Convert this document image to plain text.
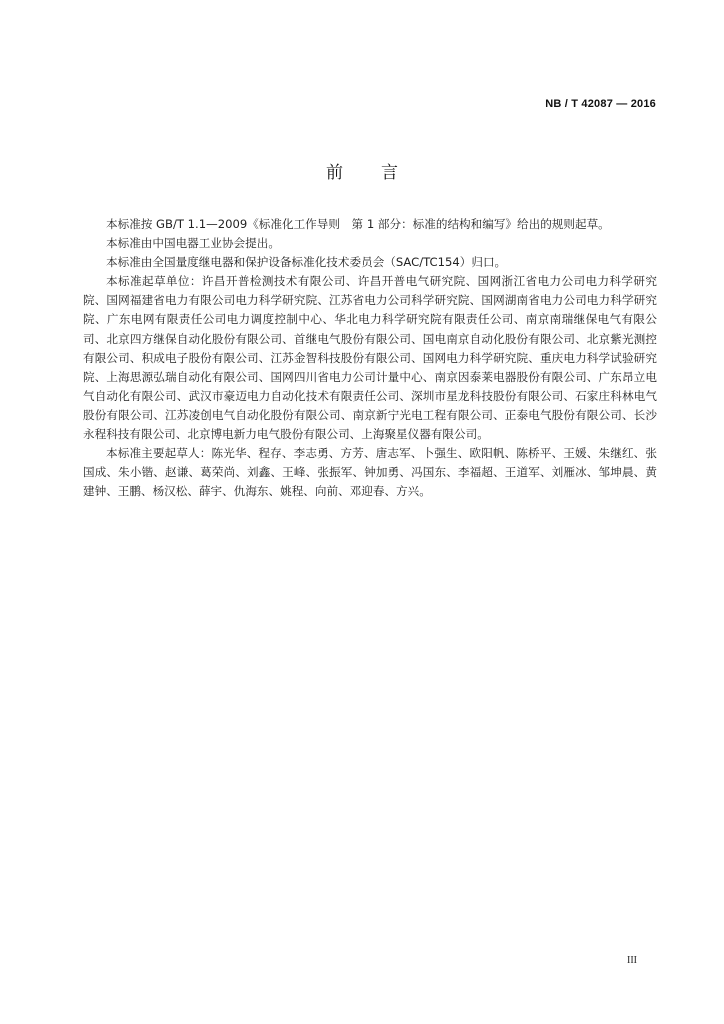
NB / T 42087 — 2016
前言

本标准按 GB/T 1.1—2009《标准化工作导则　第 1 部分：标准的结构和编写》给出的规则起草。

本标准由中国电器工业协会提出。

本标准由全国量度继电器和保护设备标准化技术委员会（SAC/TC154）归口。

本标准起草单位：许昌开普检测技术有限公司、许昌开普电气研究院、国网浙江省电力公司电力科学研究院、国网福建省电力有限公司电力科学研究院、江苏省电力公司科学研究院、国网湖南省电力公司电力科学研究院、广东电网有限责任公司电力调度控制中心、华北电力科学研究院有限责任公司、南京南瑞继保电气有限公司、北京四方继保自动化股份有限公司、首继电气股份有限公司、国电南京自动化股份有限公司、北京紫光测控有限公司、积成电子股份有限公司、江苏金智科技股份有限公司、国网电力科学研究院、重庆电力科学试验研究院、上海思源弘瑞自动化有限公司、国网四川省电力公司计量中心、南京因泰莱电器股份有限公司、广东昂立电气自动化有限公司、武汉市豪迈电力自动化技术有限责任公司、深圳市星龙科技股份有限公司、石家庄科林电气股份有限公司、江苏凌创电气自动化股份有限公司、南京新宁光电工程有限公司、正泰电气股份有限公司、长沙永程科技有限公司、北京博电新力电气股份有限公司、上海聚星仪器有限公司。

本标准主要起草人：陈光华、程存、李志勇、方芳、唐志军、卜强生、欧阳帆、陈桥平、王媛、朱继红、张国成、朱小锴、赵谦、葛荣尚、刘鑫、王峰、张振军、钟加勇、冯国东、李福超、王道军、刘雁冰、邹坤晨、黄建钟、王鹏、杨汉松、薛宇、仇海东、姚程、向前、邓迎春、方兴。

III
